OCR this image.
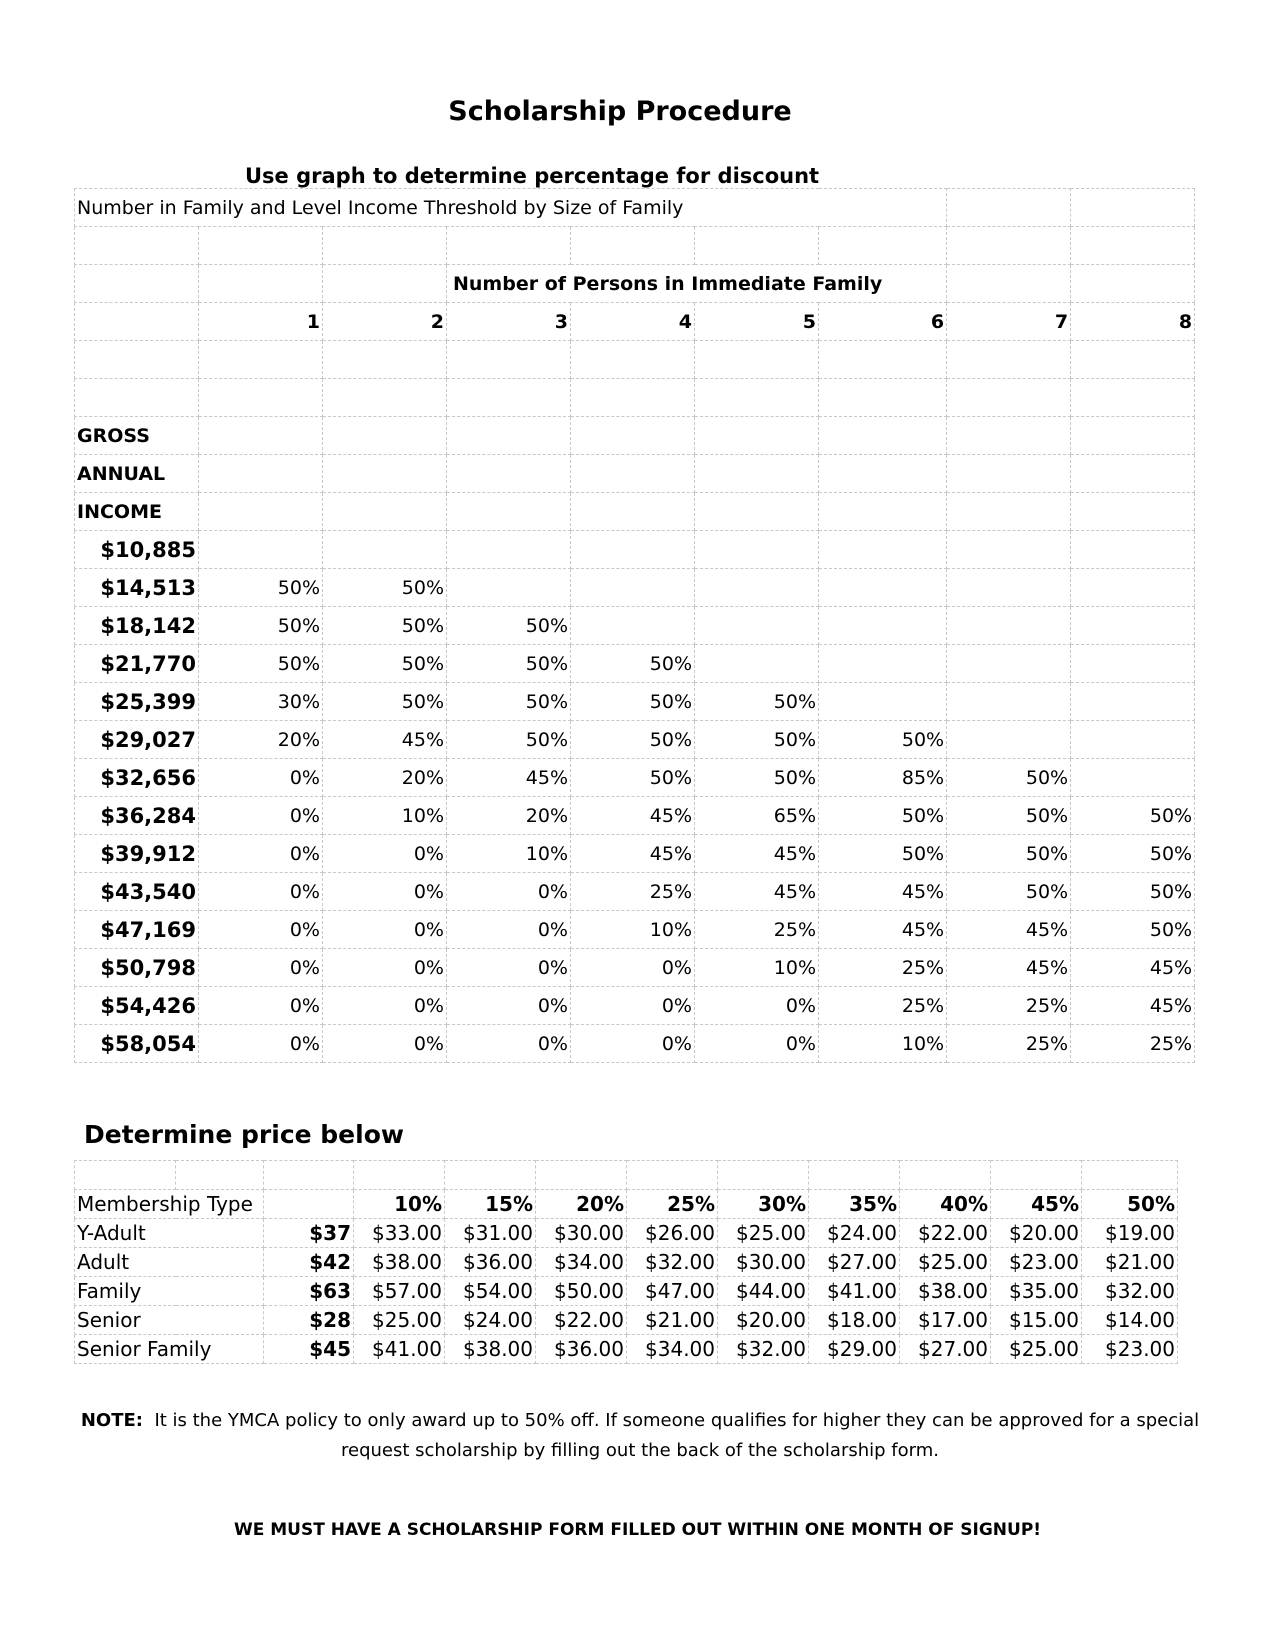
Scholarship Procedure
Use graph to determine percentage for discount
Number in Family and Level Income Threshold by Size of Family								

			Number of Persons in Immediate Family					
	1	2	3	4	5	6	7	8

GROSS								
ANNUAL								
INCOME								
$10,885								
$14,513	50%	50%						
$18,142	50%	50%	50%					
$21,770	50%	50%	50%	50%				
$25,399	30%	50%	50%	50%	50%			
$29,027	20%	45%	50%	50%	50%	50%		
$32,656	0%	20%	45%	50%	50%	85%	50%	
$36,284	0%	10%	20%	45%	65%	50%	50%	50%
$39,912	0%	0%	10%	45%	45%	50%	50%	50%
$43,540	0%	0%	0%	25%	45%	45%	50%	50%
$47,169	0%	0%	0%	10%	25%	45%	45%	50%
$50,798	0%	0%	0%	0%	10%	25%	45%	45%
$54,426	0%	0%	0%	0%	0%	25%	25%	45%
$58,054	0%	0%	0%	0%	0%	10%	25%	25%
Determine price below

Membership Type			10%	15%	20%	25%	30%	35%	40%	45%	50%
Y-Adult		$37	$33.00	$31.00	$30.00	$26.00	$25.00	$24.00	$22.00	$20.00	$19.00
Adult		$42	$38.00	$36.00	$34.00	$32.00	$30.00	$27.00	$25.00	$23.00	$21.00
Family		$63	$57.00	$54.00	$50.00	$47.00	$44.00	$41.00	$38.00	$35.00	$32.00
Senior		$28	$25.00	$24.00	$22.00	$21.00	$20.00	$18.00	$17.00	$15.00	$14.00
Senior Family		$45	$41.00	$38.00	$36.00	$34.00	$32.00	$29.00	$27.00	$25.00	$23.00
NOTE: It is the YMCA policy to only award up to 50% off. If someone qualifies for higher they can be approved for a special request scholarship by filling out the back of the scholarship form.
WE MUST HAVE A SCHOLARSHIP FORM FILLED OUT WITHIN ONE MONTH OF SIGNUP!
